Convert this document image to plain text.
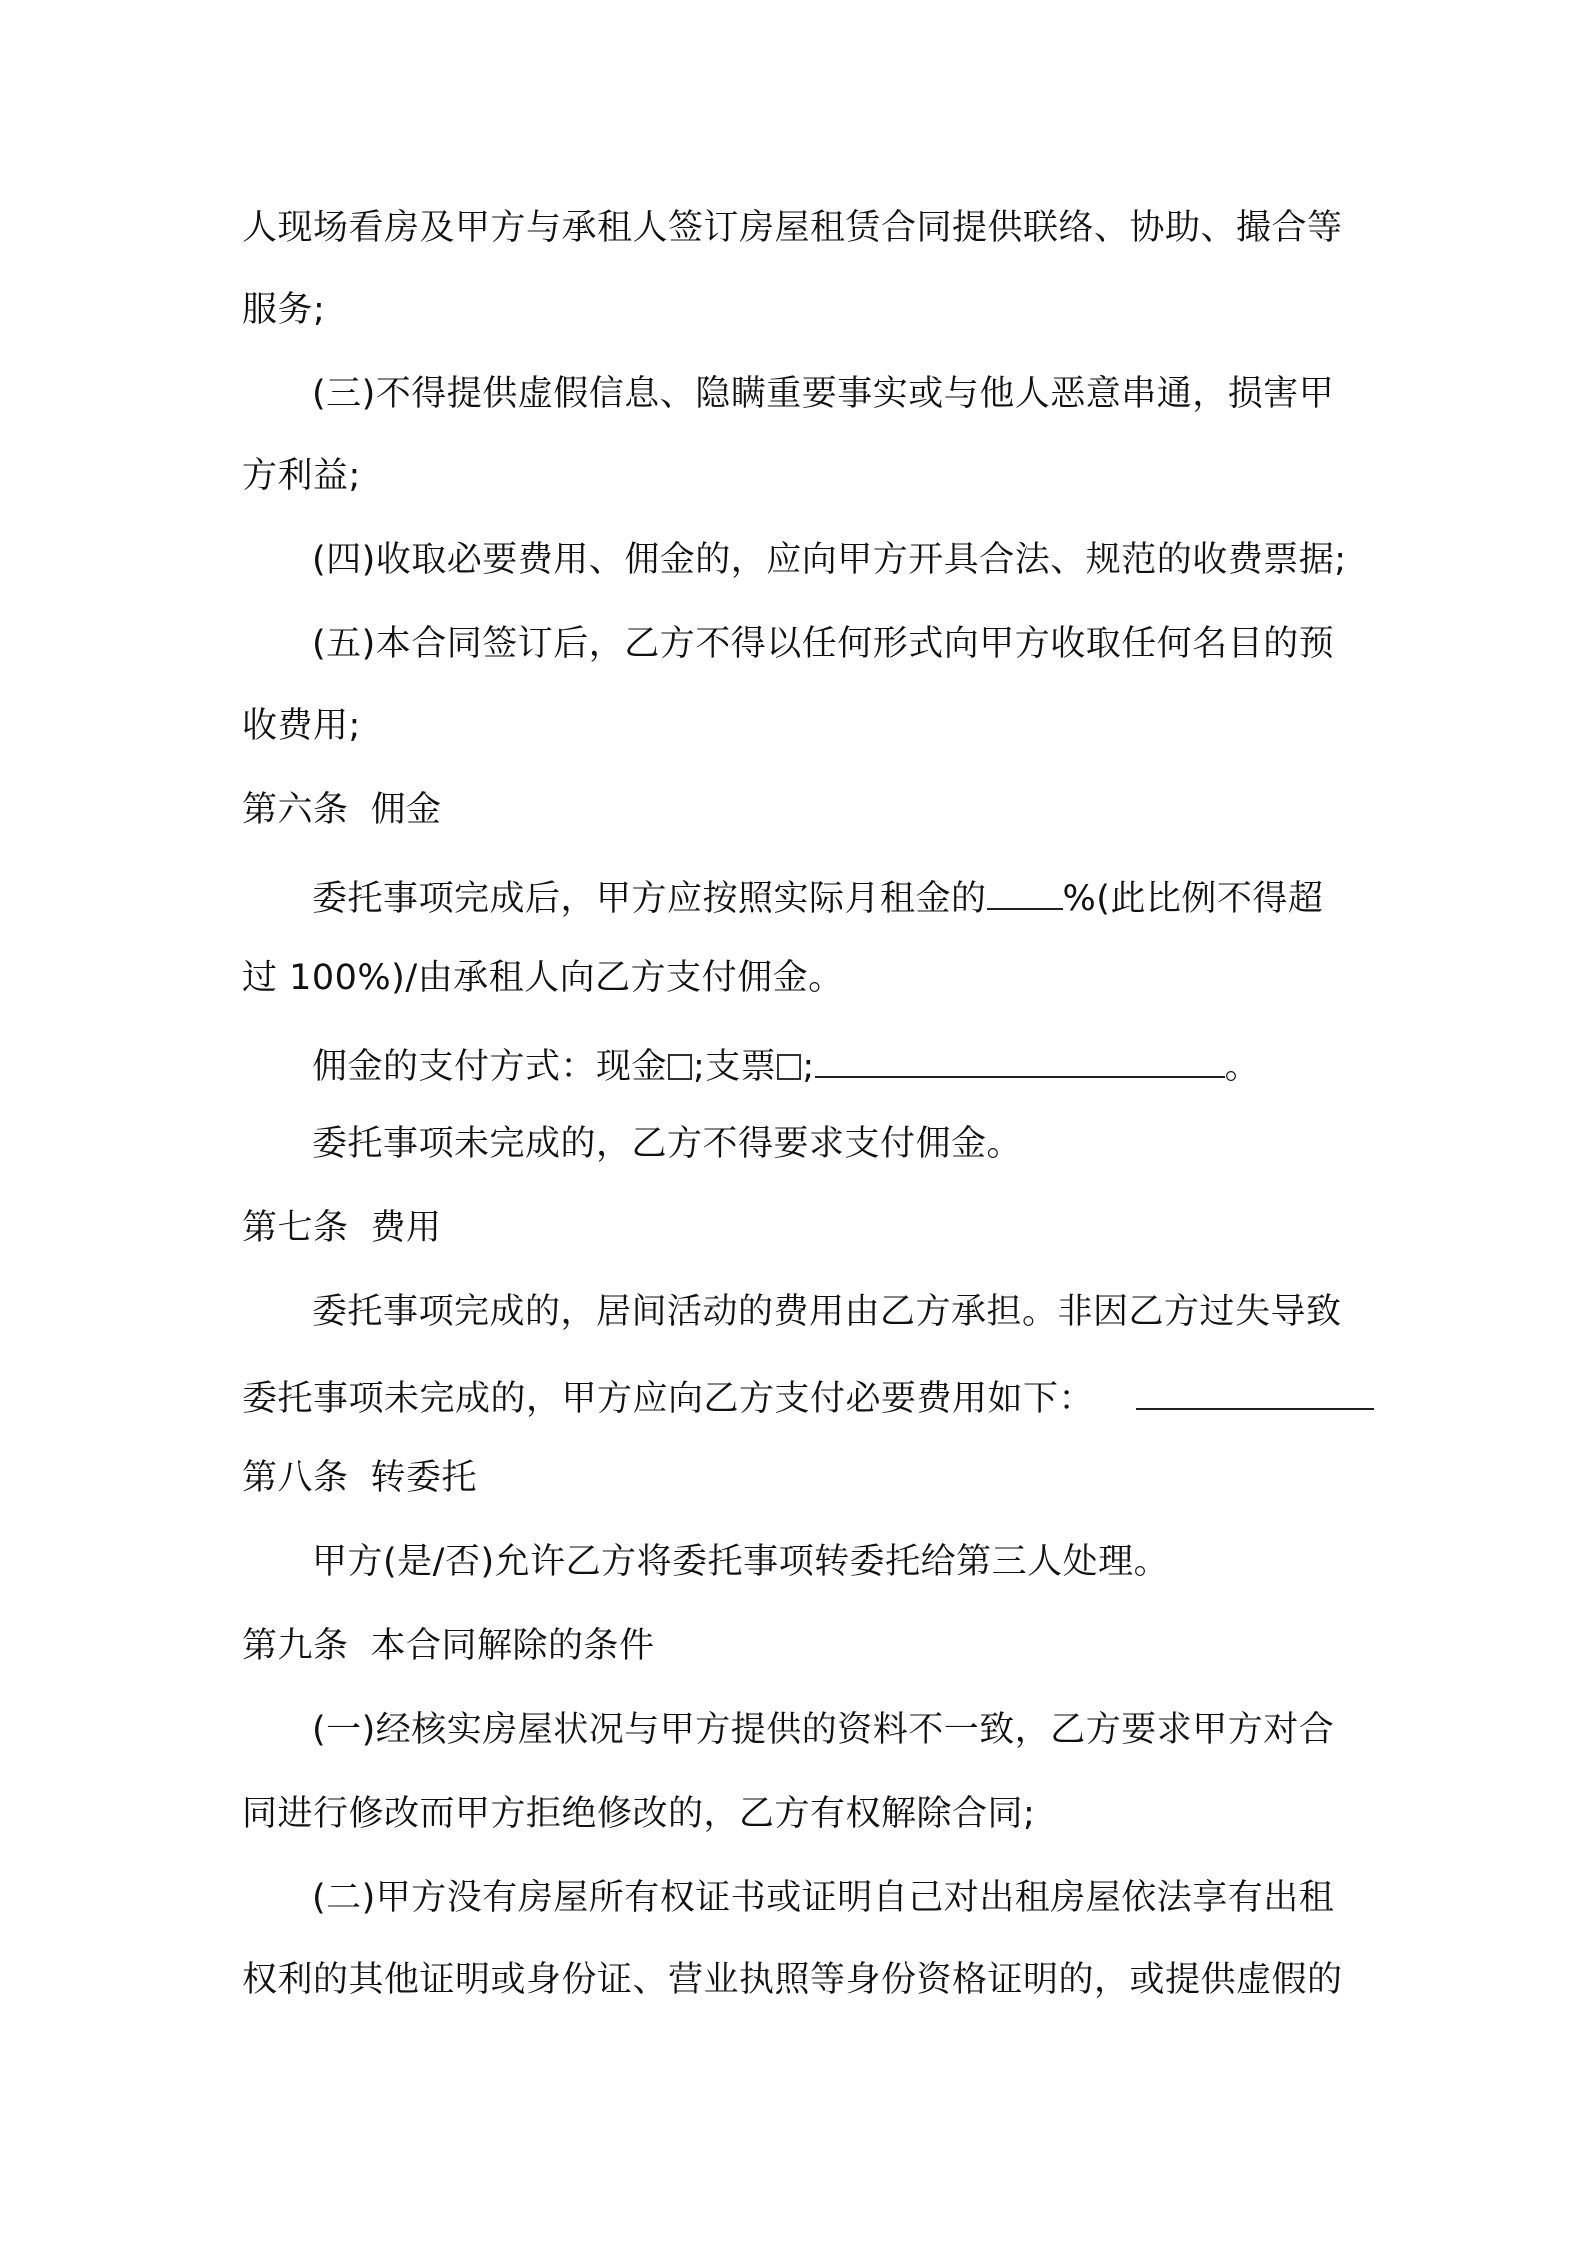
人现场看房及甲方与承租人签订房屋租赁合同提供联络、协助、撮合等
服务;
(三)不得提供虚假信息、隐瞒重要事实或与他人恶意串通，损害甲
方利益;
(四)收取必要费用、佣金的，应向甲方开具合法、规范的收费票据;
(五)本合同签订后，乙方不得以任何形式向甲方收取任何名目的预
收费用;
第六条 佣金
委托事项完成后，甲方应按照实际月租金的 %(此比例不得超
过 100%)/由承租人向乙方支付佣金。
佣金的支付方式：现金 ;支票 ;	。
委托事项未完成的，乙方不得要求支付佣金。
第七条 费用
委托事项完成的，居间活动的费用由乙方承担。非因乙方过失导致
委托事项未完成的，甲方应向乙方支付必要费用如下：
第八条 转委托
甲方(是/否)允许乙方将委托事项转委托给第三人处理。
第九条 本合同解除的条件
(一)经核实房屋状况与甲方提供的资料不一致，乙方要求甲方对合
同进行修改而甲方拒绝修改的，乙方有权解除合同;
(二)甲方没有房屋所有权证书或证明自己对出租房屋依法享有出租
权利的其他证明或身份证、营业执照等身份资格证明的，或提供虚假的
